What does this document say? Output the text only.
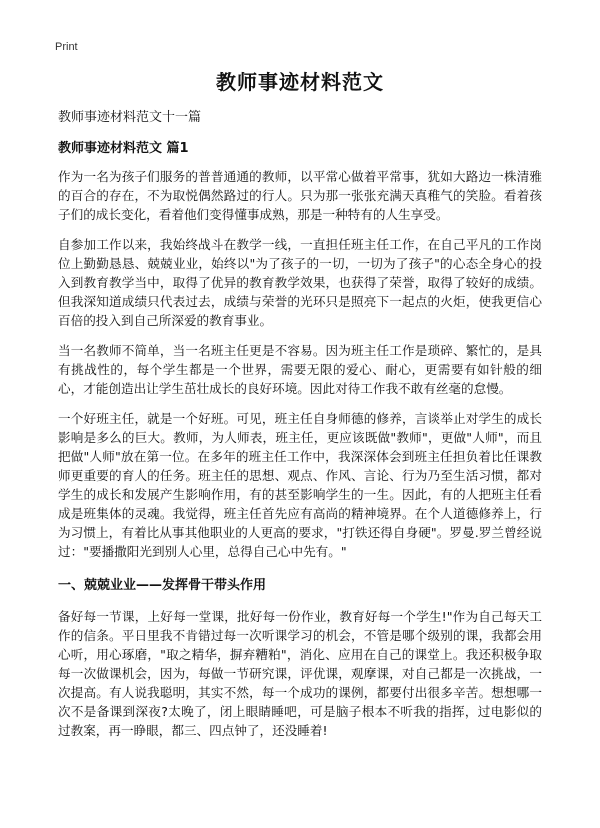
Print
教师事迹材料范文
教师事迹材料范文十一篇
教师事迹材料范文 篇1

作为一名为孩子们服务的普普通通的教师，以平常心做着平常事，犹如大路边一株清雅的百合的存在，不为取悦偶然路过的行人。只为那一张张充满天真稚气的笑脸。看着孩子们的成长变化，看着他们变得懂事成熟，那是一种特有的人生享受。

自参加工作以来，我始终战斗在教学一线，一直担任班主任工作，在自己平凡的工作岗位上勤勤恳恳、兢兢业业，始终以"为了孩子的一切，一切为了孩子"的心态全身心的投入到教育教学当中，取得了优异的教育教学效果，也获得了荣誉，取得了较好的成绩。但我深知道成绩只代表过去，成绩与荣誉的光环只是照亮下一起点的火炬，使我更信心百倍的投入到自己所深爱的教育事业。

当一名教师不简单，当一名班主任更是不容易。因为班主任工作是琐碎、繁忙的，是具有挑战性的，每个学生都是一个世界，需要无限的爱心、耐心，更需要有如针般的细心，才能创造出让学生茁壮成长的良好环境。因此对待工作我不敢有丝毫的怠慢。

一个好班主任，就是一个好班。可见，班主任自身师德的修养，言谈举止对学生的成长影响是多么的巨大。教师，为人师表，班主任，更应该既做"教师"，更做"人师"，而且把做"人师"放在第一位。在多年的班主任工作中，我深深体会到班主任担负着比任课教师更重要的育人的任务。班主任的思想、观点、作风、言论、行为乃至生活习惯，都对学生的成长和发展产生影响作用，有的甚至影响学生的一生。因此，有的人把班主任看成是班集体的灵魂。我觉得，班主任首先应有高尚的精神境界。在个人道德修养上，行为习惯上，有着比从事其他职业的人更高的要求，"打铁还得自身硬"。罗曼.罗兰曾经说过："要播撒阳光到别人心里，总得自己心中先有。"

一、兢兢业业——发挥骨干带头作用

备好每一节课，上好每一堂课，批好每一份作业，教育好每一个学生!"作为自己每天工作的信条。平日里我不肯错过每一次听课学习的机会，不管是哪个级别的课，我都会用心听，用心琢磨，"取之精华，摒弃糟粕"，消化、应用在自己的课堂上。我还积极争取每一次做课机会，因为，每做一节研究课，评优课，观摩课，对自己都是一次挑战，一次提高。有人说我聪明，其实不然，每一个成功的课例，都要付出很多辛苦。想想哪一次不是备课到深夜?太晚了，闭上眼睛睡吧，可是脑子根本不听我的指挥，过电影似的过教案，再一睁眼，都三、四点钟了，还没睡着!
